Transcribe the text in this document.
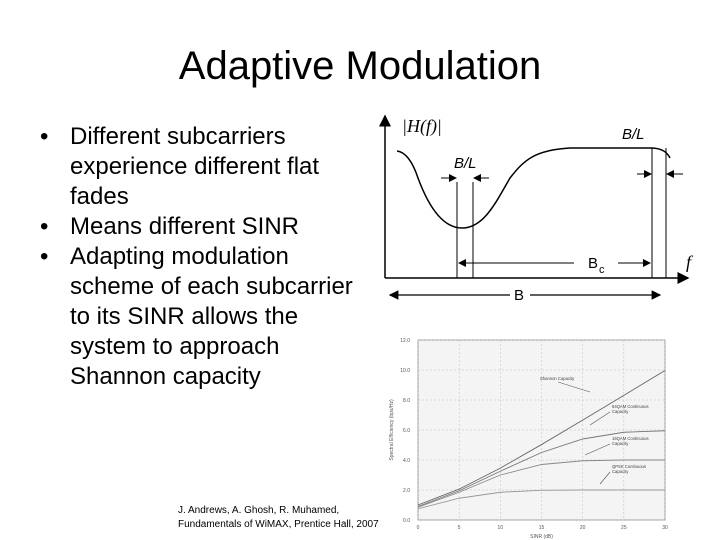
Adaptive Modulation
• Different subcarriers experience different flat fades
• Means different SINR
• Adapting modulation scheme of each subcarrier to its SINR allows the system to approach Shannon capacity
|H(f)|
f
B/L
B/L
B c
B
0.0
2.0
4.0
6.0
8.0
10.0
12.0
0	5	10	15	20	25	30
SINR (dB)
Spectral Efficiency (bps/Hz)
Shannon Capacity
64QAM Continuous
Capacity
16QAM Continuous
Capacity
QPSK Continuous
Capacity
J. Andrews, A. Ghosh, R. Muhamed,
Fundamentals of WiMAX, Prentice Hall, 2007
